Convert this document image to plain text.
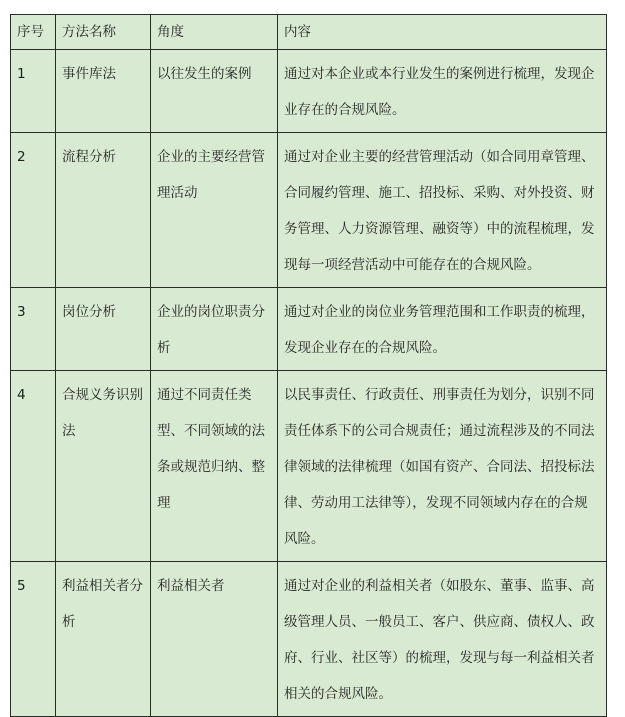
序号	方法名称	角度	内容
1	事件库法	以往发生的案例	通过对本企业或本行业发生的案例进行梳理，发现企业存在的合规风险。
2	流程分析	企业的主要经营管理活动	通过对企业主要的经营管理活动（如合同用章管理、合同履约管理、施工、招投标、采购、对外投资、财务管理、人力资源管理、融资等）中的流程梳理，发现每一项经营活动中可能存在的合规风险。
3	岗位分析	企业的岗位职责分析	通过对企业的岗位业务管理范围和工作职责的梳理，发现企业存在的合规风险。
4	合规义务识别法	通过不同责任类型、不同领域的法条或规范归纳、整理	以民事责任、行政责任、刑事责任为划分，识别不同责任体系下的公司合规责任；通过流程涉及的不同法律领域的法律梳理（如国有资产、合同法、招投标法律、劳动用工法律等），发现不同领域内存在的合规风险。
5	利益相关者分析	利益相关者	通过对企业的利益相关者（如股东、董事、监事、高级管理人员、一般员工、客户、供应商、债权人、政府、行业、社区等）的梳理，发现与每一利益相关者相关的合规风险。
